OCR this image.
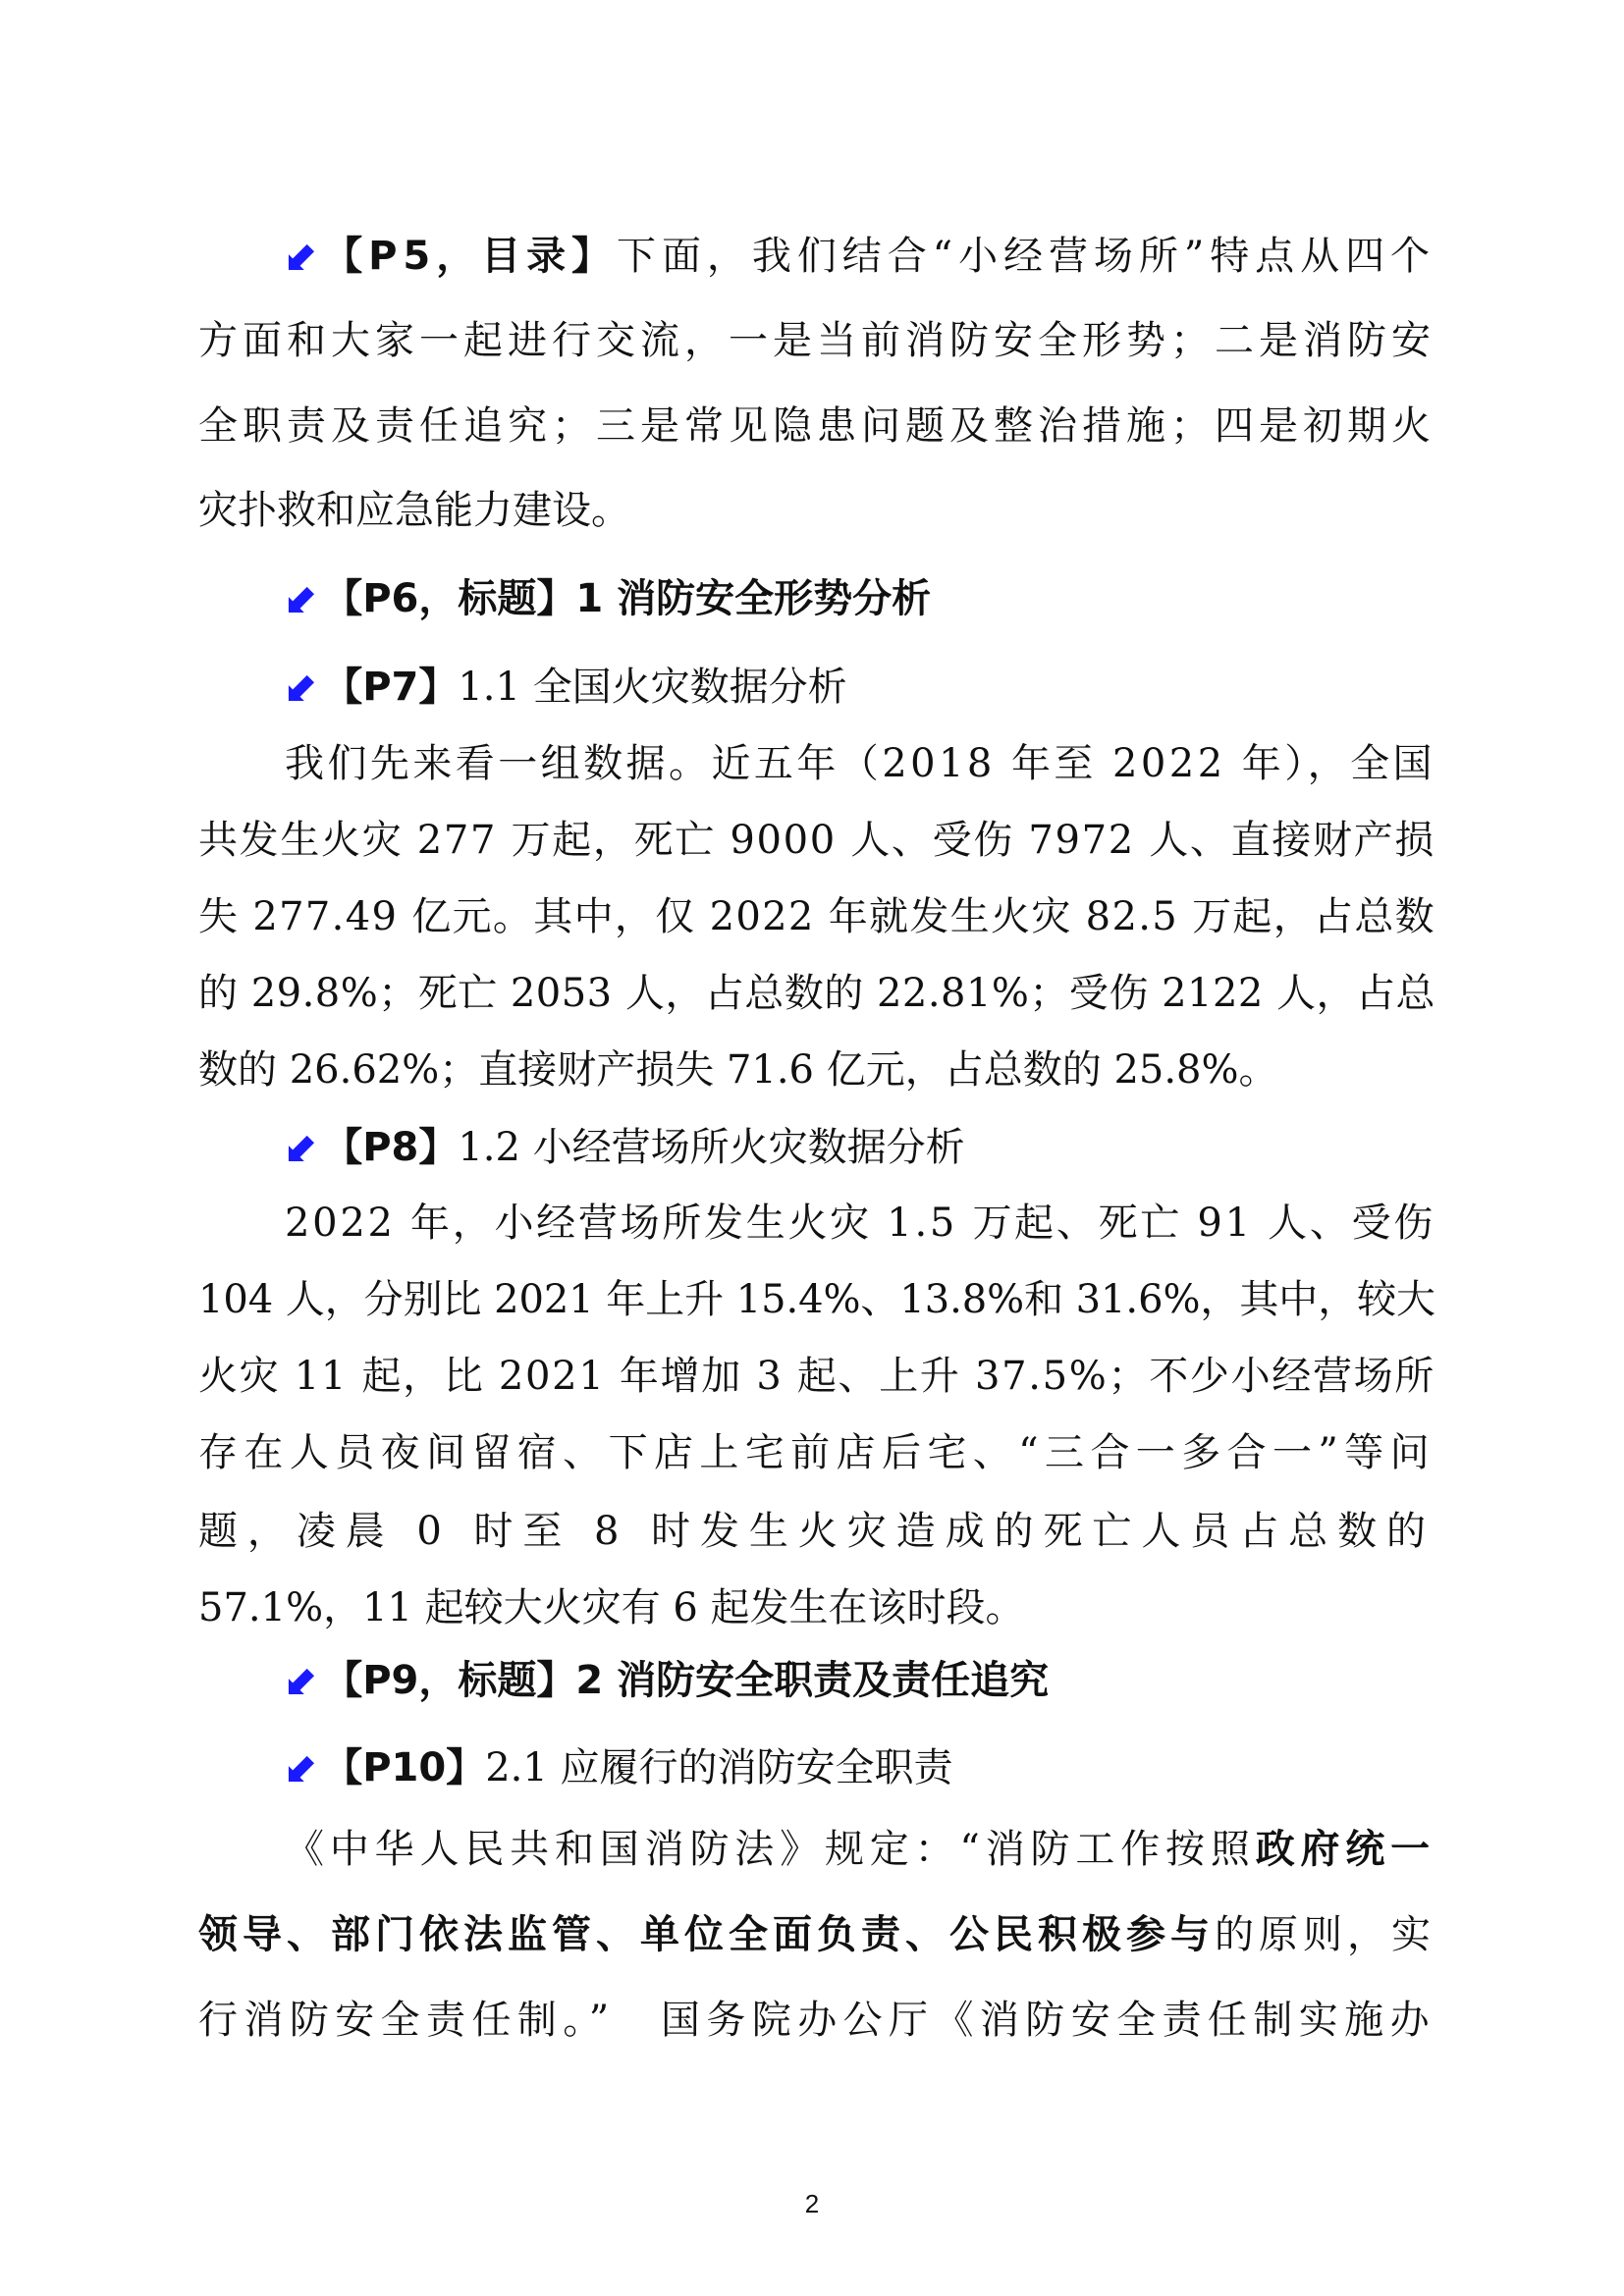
⬋ 【P5，目录】下面，我们结合“小经营场所”特点从四个
方面和大家一起进行交流，一是当前消防安全形势；二是消防安
全职责及责任追究；三是常见隐患问题及整治措施；四是初期火
灾扑救和应急能力建设。
⬋ 【P6，标题】1 消防安全形势分析
⬋ 【P7】1.1 全国火灾数据分析
我们先来看一组数据。近五年（2018 年至 2022 年），全国
共发生火灾 277 万起，死亡 9000 人、受伤 7972 人、直接财产损
失 277.49 亿元。其中，仅 2022 年就发生火灾 82.5 万起，占总数
的 29.8%；死亡 2053 人，占总数的 22.81%；受伤 2122 人，占总
数的 26.62%；直接财产损失 71.6 亿元，占总数的 25.8%。
⬋ 【P8】1.2 小经营场所火灾数据分析
2022 年，小经营场所发生火灾 1.5 万起、死亡 91 人、受伤
104 人，分别比 2021 年上升 15.4%、13.8%和 31.6%，其中，较大
火灾 11 起，比 2021 年增加 3 起、上升 37.5%；不少小经营场所
存在人员夜间留宿、下店上宅前店后宅、“三合一多合一”等问
题，凌晨 0 时至 8 时发生火灾造成的死亡人员占总数的
57.1%，11 起较大火灾有 6 起发生在该时段。
⬋ 【P9，标题】2 消防安全职责及责任追究
⬋ 【P10】2.1 应履行的消防安全职责
《中华人民共和国消防法》规定：“消防工作按照政府统一
领导、部门依法监管、单位全面负责、公民积极参与的原则，实
行消防安全责任制。”　国务院办公厅《消防安全责任制实施办
2
